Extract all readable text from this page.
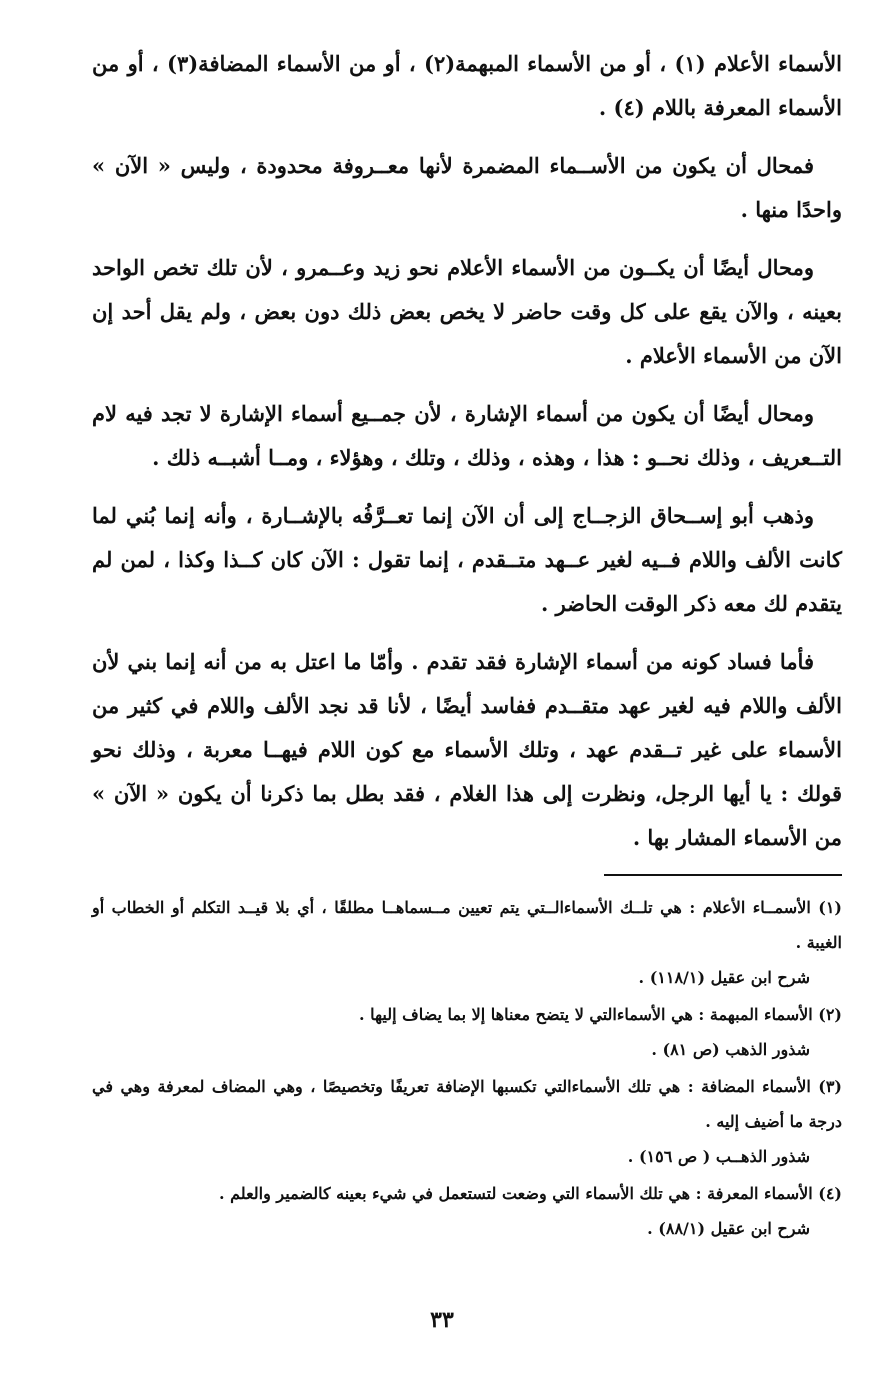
الأسماء الأعلام (١) ، أو من الأسماء المبهمة(٢) ، أو من الأسماء المضافة(٣) ، أو من الأسماء المعرفة باللام (٤) .

فمحال أن يكون من الأســماء المضمرة لأنها معــروفة محدودة ، وليس « الآن » واحدًا منها .

ومحال أيضًا أن يكــون من الأسماء الأعلام نحو زيد وعــمرو ، لأن تلك تخص الواحد بعينه ، والآن يقع على كل وقت حاضر لا يخص بعض ذلك دون بعض ، ولم يقل أحد إن الآن من الأسماء الأعلام .

ومحال أيضًا أن يكون من أسماء الإشارة ، لأن جمــيع أسماء الإشارة لا تجد فيه لام التــعريف ، وذلك نحــو : هذا ، وهذه ، وذلك ، وتلك ، وهؤلاء ، ومــا أشبــه ذلك .

وذهب أبو إســحاق الزجــاج إلى أن الآن إنما تعــرَّفُه بالإشــارة ، وأنه إنما بُني لما كانت الألف واللام فــيه لغير عــهد متــقدم ، إنما تقول : الآن كان كــذا وكذا ، لمن لم يتقدم لك معه ذكر الوقت الحاضر .

فأما فساد كونه من أسماء الإشارة فقد تقدم . وأمّا ما اعتل به من أنه إنما بني لأن الألف واللام فيه لغير عهد متقــدم ففاسد أيضًا ، لأنا قد نجد الألف واللام في كثير من الأسماء على غير تــقدم عهد ، وتلك الأسماء مع كون اللام فيهــا معربة ، وذلك نحو قولك : يا أيها الرجل، ونظرت إلى هذا الغلام ، فقد بطل بما ذكرنا أن يكون « الآن » من الأسماء المشار بها .

(١) الأسمــاء الأعلام : هي تلــك الأسماءالــتي يتم تعيين مــسماهــا مطلقًا ، أي بلا قيــد التكلم أو الخطاب أو الغيبة .
شرح ابن عقيل (١١٨/١) .
(٢) الأسماء المبهمة : هي الأسماءالتي لا يتضح معناها إلا بما يضاف إليها .
شذور الذهب (ص ٨١) .
(٣) الأسماء المضافة : هي تلك الأسماءالتي تكسبها الإضافة تعريفًا وتخصيصًا ، وهي المضاف لمعرفة وهي في درجة ما أضيف إليه .
شذور الذهــب ( ص ١٥٦) .
(٤) الأسماء المعرفة : هي تلك الأسماء التي وضعت لتستعمل في شيء بعينه كالضمير والعلم .
شرح ابن عقيل (٨٨/١) .
٣٣
